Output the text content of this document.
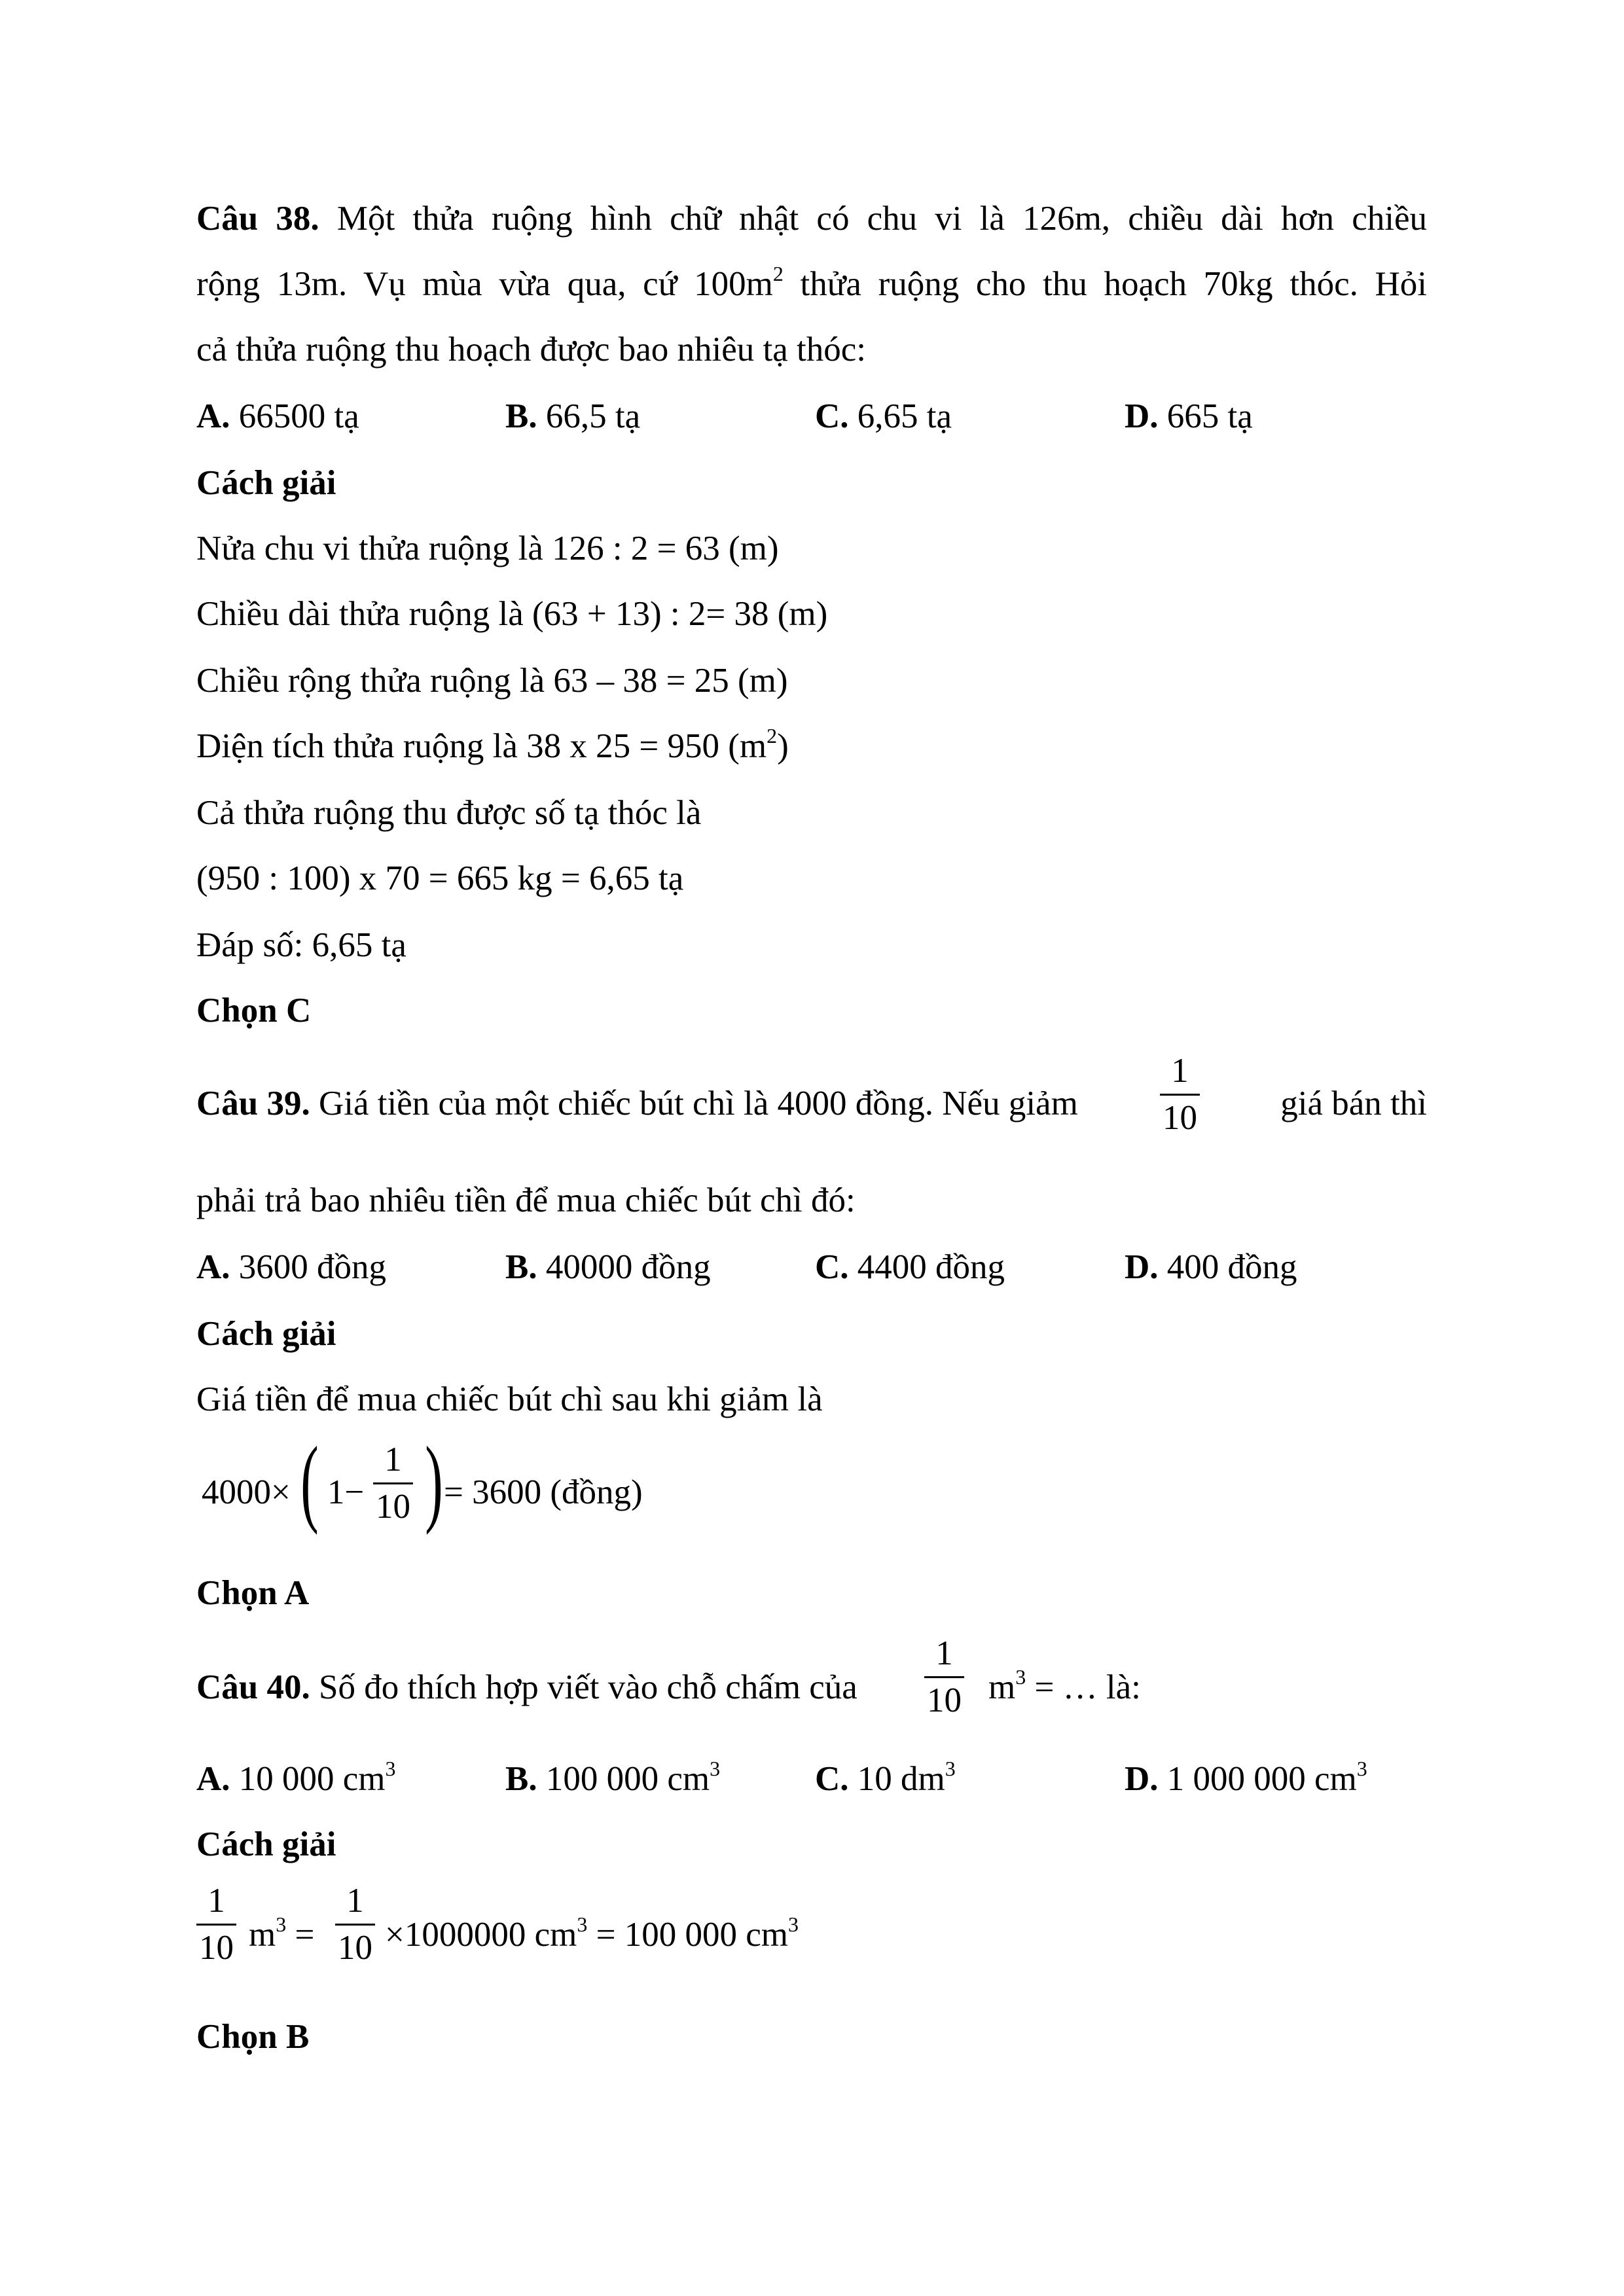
Câu 38. Một thửa ruộng hình chữ nhật có chu vi là 126m, chiều dài hơn chiều
rộng 13m. Vụ mùa vừa qua, cứ $100m^2$ thửa ruộng cho thu hoạch 70kg thóc. Hỏi
cả thửa ruộng thu hoạch được bao nhiêu tạ thóc:
A. 66500 tạ	B. 66,5 tạ	C. 6,65 tạ	D. 665 tạ
Cách giải
Nửa chu vi thửa ruộng là 126 : 2 = 63 (m)
Chiều dài thửa ruộng là (63 + 13) : 2= 38 (m)
Chiều rộng thửa ruộng là 63 – 38 = 25 (m)
Diện tích thửa ruộng là 38 x 25 = 950 $(m^2)$
Cả thửa ruộng thu được số tạ thóc là
(950 : 100) x 70 = 665 kg = 6,65 tạ
Đáp số: 6,65 tạ
Chọn C
Câu 39. Giá tiền của một chiếc bút chì là 4000 đồng. Nếu giảm $\frac{1}{10}$ giá bán thì
phải trả bao nhiêu tiền để mua chiếc bút chì đó:
A. 3600 đồng	B. 40000 đồng	C. 4400 đồng	D. 400 đồng
Cách giải
Giá tiền để mua chiếc bút chì sau khi giảm là
4000× ( $1- \frac{1}{10}$ ) = 3600 (đồng)
Chọn A
Câu 40. Số đo thích hợp viết vào chỗ chấm của $\frac{1}{10} m^3$ = … là:
A. 10 000 $cm^3$	B. 100 000 $cm^3$	C. 10 $dm^3$	D. 1 000 000 $cm^3$
Cách giải
$\frac{1}{10} m^3 = \frac{1}{10} \times 1000000$ $cm^3 = 100$ 000 $cm^3$
Chọn B
